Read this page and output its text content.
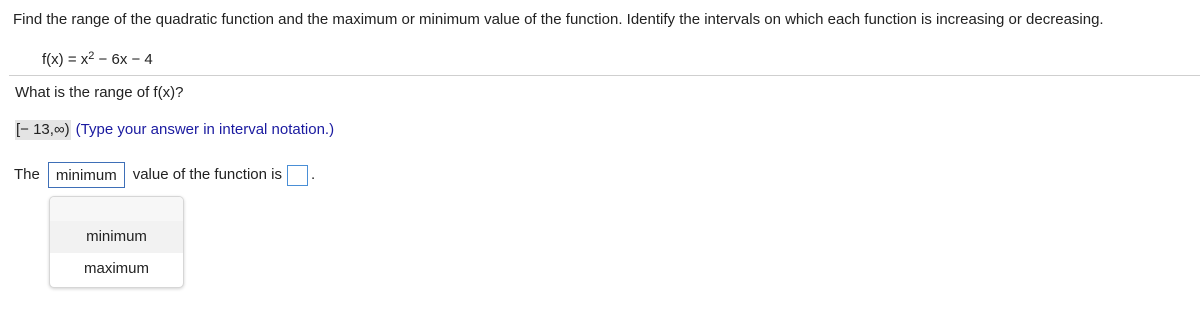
Find the range of the quadratic function and the maximum or minimum value of the function. Identify the intervals on which each function is increasing or decreasing.
$f(x) = x^2 - 6x - 4$
What is the range of f(x)?
[− 13,∞) (Type your answer in interval notation.)
The	minimum	value of the function is .
minimum
maximum
